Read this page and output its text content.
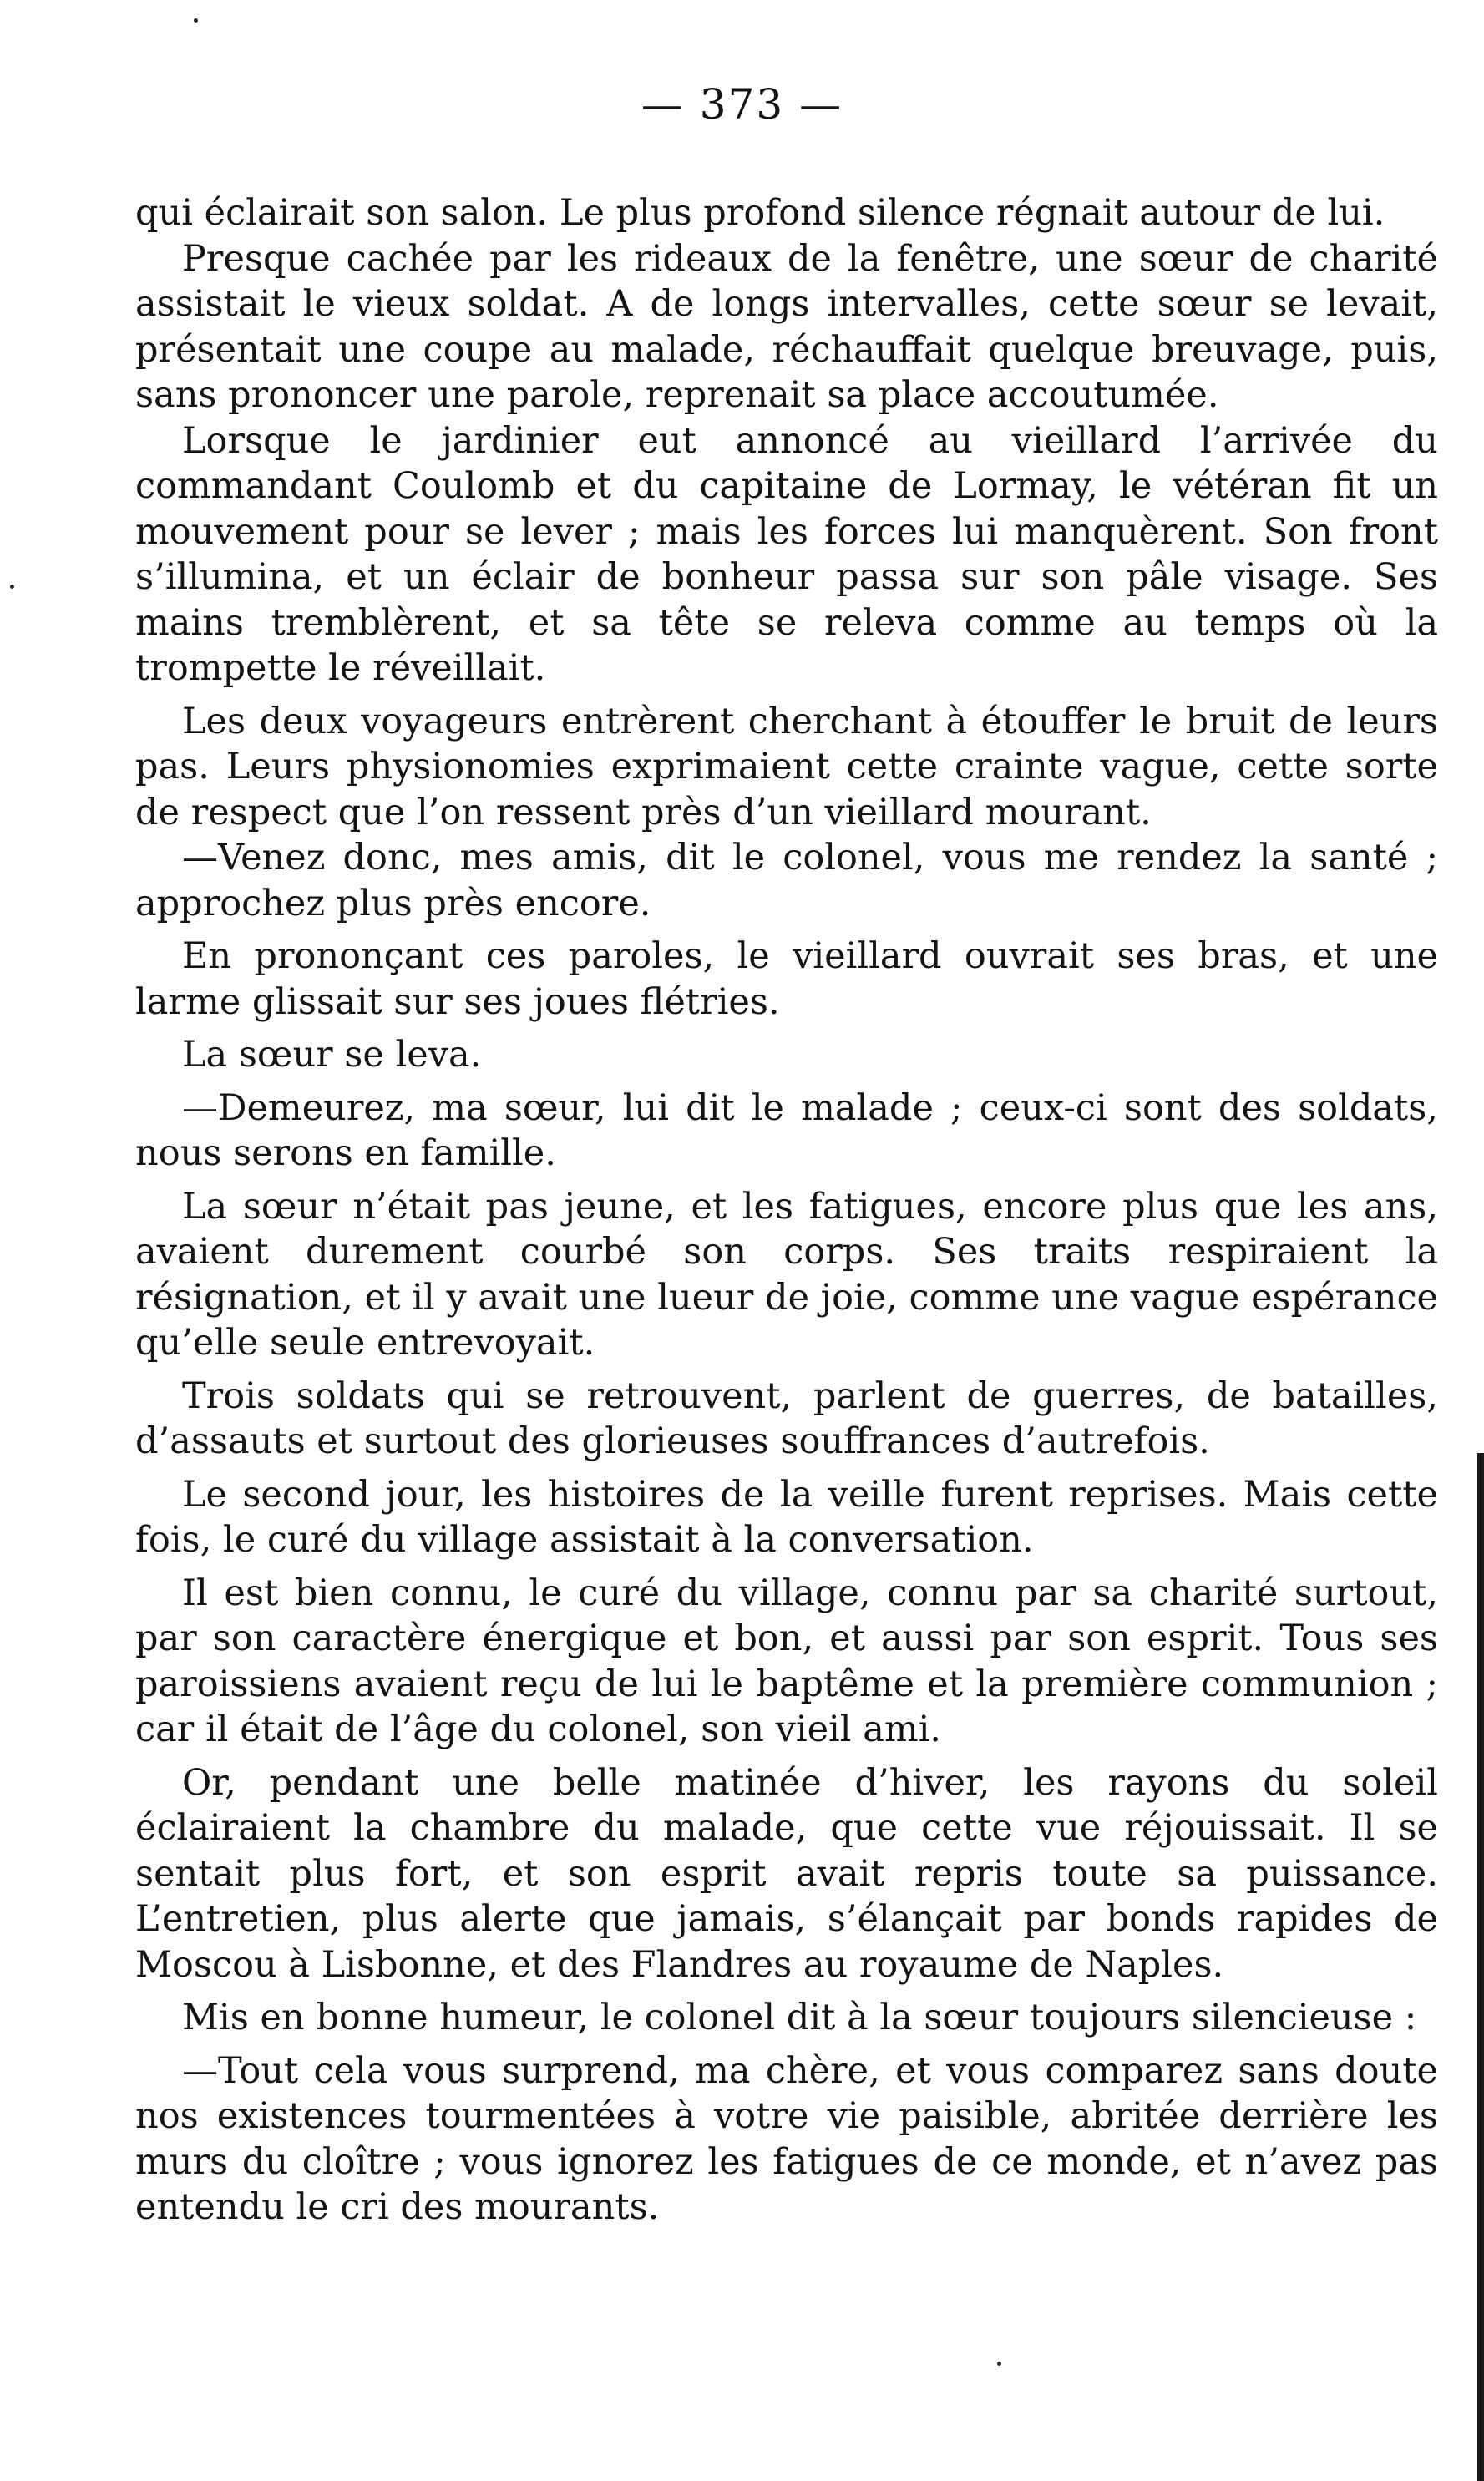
— 373 —

qui éclairait son salon. Le plus profond silence régnait autour de lui.

Presque cachée par les rideaux de la fenêtre, une sœur de charité assistait le vieux soldat. A de longs intervalles, cette sœur se levait, présentait une coupe au malade, réchauffait quelque breuvage, puis, sans prononcer une parole, reprenait sa place accoutumée.

Lorsque le jardinier eut annoncé au vieillard l’arrivée du commandant Coulomb et du capitaine de Lormay, le vétéran fit un mouvement pour se lever ; mais les forces lui manquèrent. Son front s’illumina, et un éclair de bonheur passa sur son pâle visage. Ses mains tremblèrent, et sa tête se releva comme au temps où la trompette le réveillait.

Les deux voyageurs entrèrent cherchant à étouffer le bruit de leurs pas. Leurs physionomies exprimaient cette crainte vague, cette sorte de respect que l’on ressent près d’un vieillard mourant.

—Venez donc, mes amis, dit le colonel, vous me rendez la santé ; approchez plus près encore.

En prononçant ces paroles, le vieillard ouvrait ses bras, et une larme glissait sur ses joues flétries.

La sœur se leva.

—Demeurez, ma sœur, lui dit le malade ; ceux-ci sont des soldats, nous serons en famille.

La sœur n’était pas jeune, et les fatigues, encore plus que les ans, avaient durement courbé son corps. Ses traits respiraient la résignation, et il y avait une lueur de joie, comme une vague espérance qu’elle seule entrevoyait.

Trois soldats qui se retrouvent, parlent de guerres, de batailles, d’assauts et surtout des glorieuses souffrances d’autrefois.

Le second jour, les histoires de la veille furent reprises. Mais cette fois, le curé du village assistait à la conversation.

Il est bien connu, le curé du village, connu par sa charité surtout, par son caractère énergique et bon, et aussi par son esprit. Tous ses paroissiens avaient reçu de lui le baptême et la première communion ; car il était de l’âge du colonel, son vieil ami.

Or, pendant une belle matinée d’hiver, les rayons du soleil éclairaient la chambre du malade, que cette vue réjouissait. Il se sentait plus fort, et son esprit avait repris toute sa puissance. L’entretien, plus alerte que jamais, s’élançait par bonds rapides de Moscou à Lisbonne, et des Flandres au royaume de Naples.

Mis en bonne humeur, le colonel dit à la sœur toujours silencieuse :

—Tout cela vous surprend, ma chère, et vous comparez sans doute nos existences tourmentées à votre vie paisible, abritée derrière les murs du cloître ; vous ignorez les fatigues de ce monde, et n’avez pas entendu le cri des mourants.
